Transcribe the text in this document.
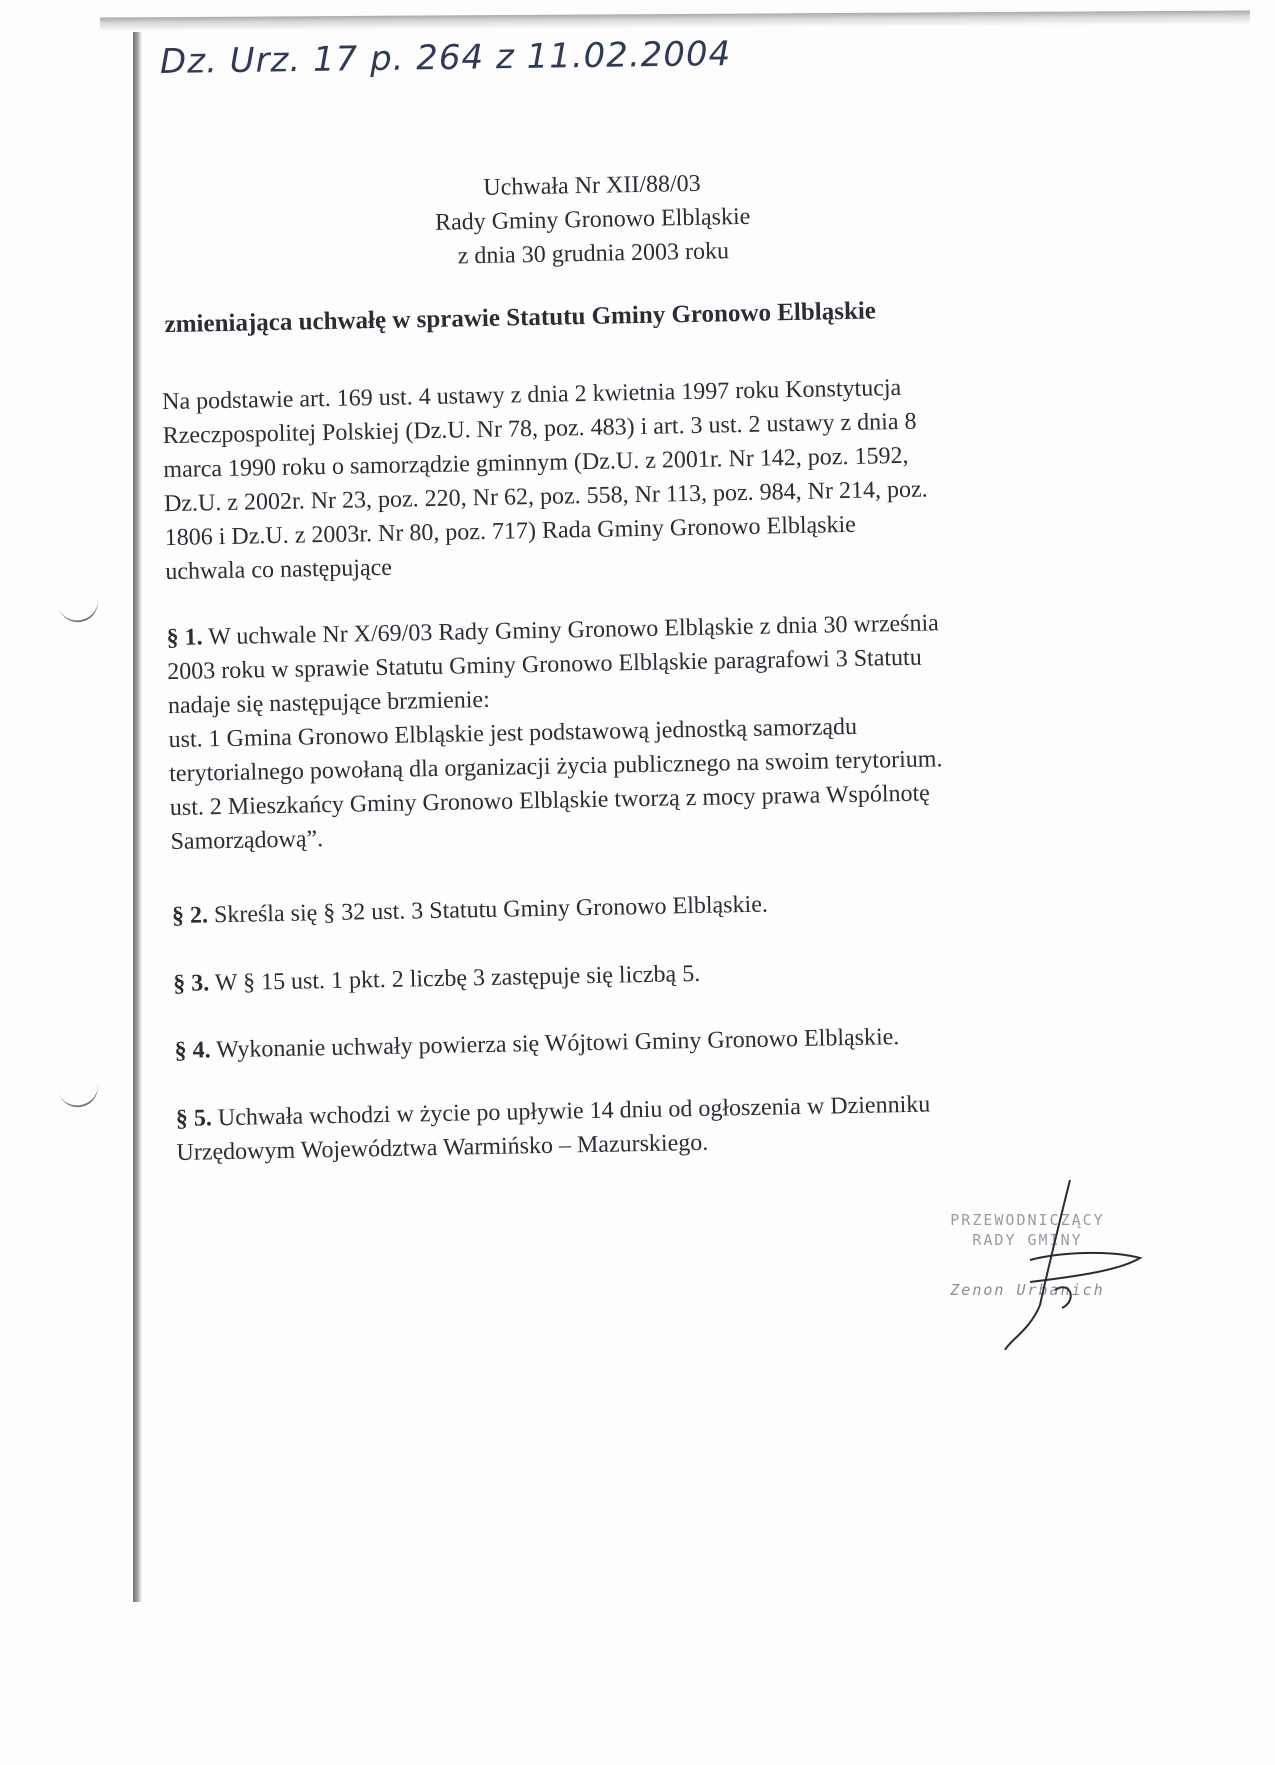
Dz. Urz. 17 p. 264 z 11.02.2004
Uchwała Nr XII/88/03
Rady Gminy Gronowo Elbląskie
z dnia 30 grudnia 2003 roku
zmieniająca uchwałę w sprawie Statutu Gminy Gronowo Elbląskie
Na podstawie art. 169 ust. 4 ustawy z dnia 2 kwietnia 1997 roku Konstytucja
Rzeczpospolitej Polskiej (Dz.U. Nr 78, poz. 483) i art. 3 ust. 2 ustawy z dnia 8
marca 1990 roku o samorządzie gminnym (Dz.U. z 2001r. Nr 142, poz. 1592,
Dz.U. z 2002r. Nr 23, poz. 220, Nr 62, poz. 558, Nr 113, poz. 984, Nr 214, poz.
1806 i Dz.U. z 2003r. Nr 80, poz. 717) Rada Gminy Gronowo Elbląskie
uchwala co następujące
§ 1. W uchwale Nr X/69/03 Rady Gminy Gronowo Elbląskie z dnia 30 września
2003 roku w sprawie Statutu Gminy Gronowo Elbląskie paragrafowi 3 Statutu
nadaje się następujące brzmienie:
ust. 1 Gmina Gronowo Elbląskie jest podstawową jednostką samorządu
terytorialnego powołaną dla organizacji życia publicznego na swoim terytorium.
ust. 2 Mieszkańcy Gminy Gronowo Elbląskie tworzą z mocy prawa Wspólnotę
Samorządową”.
§ 2. Skreśla się § 32 ust. 3 Statutu Gminy Gronowo Elbląskie.
§ 3. W § 15 ust. 1 pkt. 2 liczbę 3 zastępuje się liczbą 5.
§ 4. Wykonanie uchwały powierza się Wójtowi Gminy Gronowo Elbląskie.
§ 5. Uchwała wchodzi w życie po upływie 14 dniu od ogłoszenia w Dzienniku
Urzędowym Województwa Warmińsko – Mazurskiego.
PRZEWODNICZĄCY
RADY GMINY
Zenon Urbanich
